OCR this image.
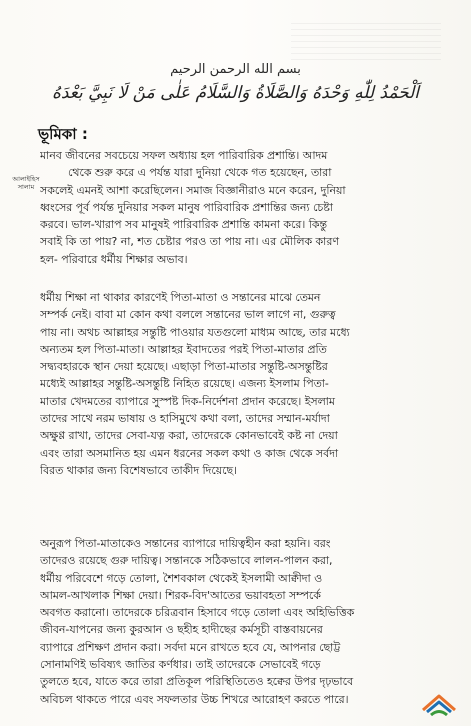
بسم الله الرحمن الرحيم
اَلْحَمْدُ لِلّٰهِ وَحْدَهُ وَالصَّلَاةُ وَالسَّلَامُ عَلٰى مَنْ لَا نَبِيَّ بَعْدَهُ
ভূমিকা :
আলাইহিস সালাম
মানব জীবনের সবচেয়ে সফল অধ্যায় হল পারিবারিক প্রশান্তি। আদম
থেকে শুরু করে এ পর্যন্ত যারা দুনিয়া থেকে গত হয়েছেন, তারা
সকলেই এমনই আশা করেছিলেন। সমাজ বিজ্ঞানীরাও মনে করেন, দুনিয়া
ধ্বংসের পূর্ব পর্যন্ত দুনিয়ার সকল মানুষ পারিবারিক প্রশান্তির জন্য চেষ্টা
করবে। ভাল-খারাপ সব মানুষই পারিবারিক প্রশান্তি কামনা করে। কিন্তু
সবাই কি তা পায়? না, শত চেষ্টার পরও তা পায় না। এর মৌলিক কারণ
হল- পরিবারে ধর্মীয় শিক্ষার অভাব।
ধর্মীয় শিক্ষা না থাকার কারণেই পিতা-মাতা ও সন্তানের মাঝে তেমন
সম্পর্ক নেই। বাবা মা কোন কথা বললে সন্তানের ভাল লাগে না, গুরুত্ব
পায় না। অথচ আল্লাহর সন্তুষ্টি পাওয়ার যতগুলো মাধ্যম আছে, তার মধ্যে
অন্যতম হল পিতা-মাতা। আল্লাহর ইবাদতের পরই পিতা-মাতার প্রতি
সদ্ব্যবহারকে স্থান দেয়া হয়েছে। এছাড়া পিতা-মাতার সন্তুষ্টি-অসন্তুষ্টির
মধ্যেই আল্লাহর সন্তুষ্টি-অসন্তুষ্টি নিহিত রয়েছে। এজন্য ইসলাম পিতা-
মাতার খেদমতের ব্যাপারে সুস্পষ্ট দিক-নির্দেশনা প্রদান করেছে। ইসলাম
তাদের সাথে নরম ভাষায় ও হাসিমুখে কথা বলা, তাদের সম্মান-মর্যাদা
অক্ষুণ্ণ রাখা, তাদের সেবা-যত্ন করা, তাদেরকে কোনভাবেই কষ্ট না দেয়া
এবং তারা অসমানিত হয় এমন ধরনের সকল কথা ও কাজ থেকে সর্বদা
বিরত থাকার জন্য বিশেষভাবে তাকীদ দিয়েছে।
অনুরূপ পিতা-মাতাকেও সন্তানের ব্যাপারে দায়িত্বহীন করা হয়নি। বরং
তাদেরও রয়েছে গুরু দায়িত্ব। সন্তানকে সঠিকভাবে লালন-পালন করা,
ধর্মীয় পরিবেশে গড়ে তোলা, শৈশবকাল থেকেই ইসলামী আক্বীদা ও
আমল-আখলাক শিক্ষা দেয়া। শিরক-বিদ'আতের ভয়াবহতা সম্পর্কে
অবগত করানো। তাদেরকে চরিত্রবান হিসাবে গড়ে তোলা এবং অহিভিত্তিক
জীবন-যাপনের জন্য কুরআন ও ছহীহ হাদীছের কর্মসূচী বাস্তবায়নের
ব্যাপারে প্রশিক্ষণ প্রদান করা। সর্বদা মনে রাখতে হবে যে, আপনার ছোট্ট
সোনামণিই ভবিষ্যৎ জাতির কর্ণধার। তাই তাদেরকে সেভাবেই গড়ে
তুলতে হবে, যাতে করে তারা প্রতিকূল পরিস্থিতিতেও হক্বের উপর দৃঢ়ভাবে
অবিচল থাকতে পারে এবং সফলতার উচ্চ শিখরে আরোহণ করতে পারে।
